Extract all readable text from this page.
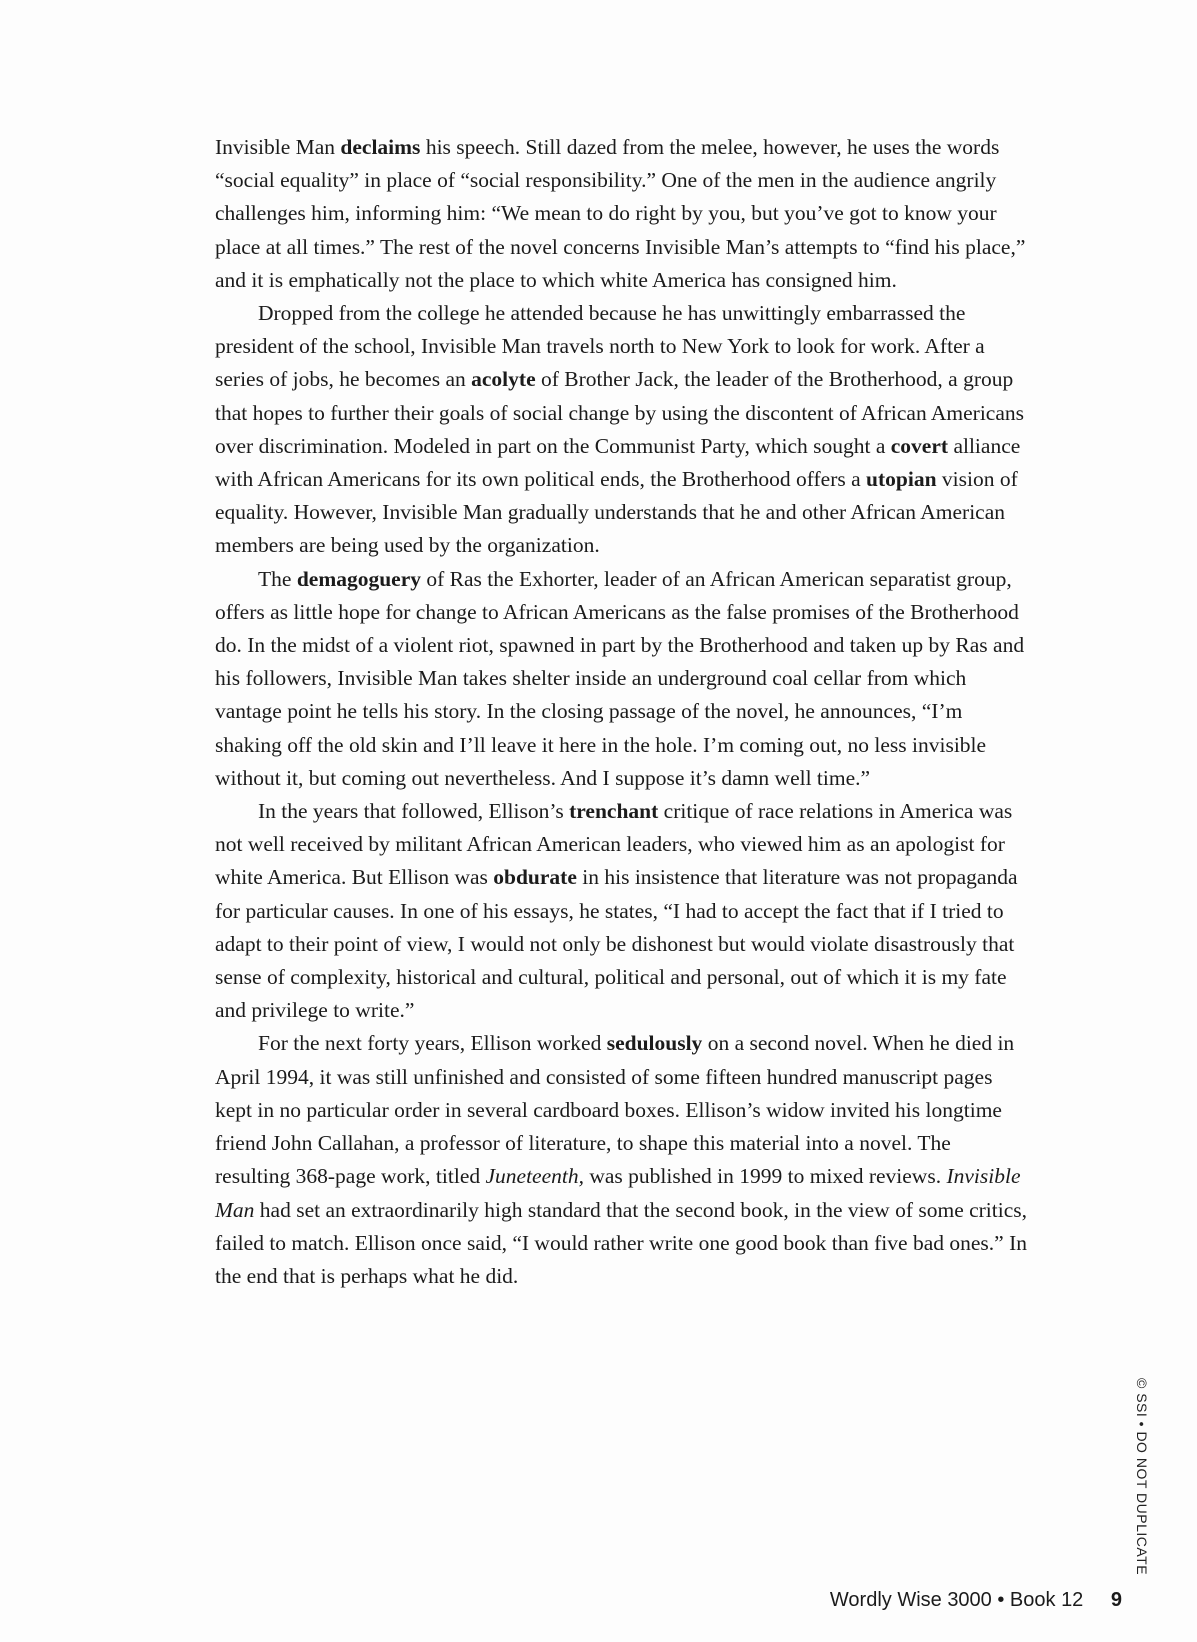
Invisible Man declaims his speech. Still dazed from the melee, however, he uses the words “social equality” in place of “social responsibility.” One of the men in the audience angrily challenges him, informing him: “We mean to do right by you, but you’ve got to know your place at all times.” The rest of the novel concerns Invisible Man’s attempts to “find his place,” and it is emphatically not the place to which white America has consigned him.

Dropped from the college he attended because he has unwittingly embarrassed the president of the school, Invisible Man travels north to New York to look for work. After a series of jobs, he becomes an acolyte of Brother Jack, the leader of the Brotherhood, a group that hopes to further their goals of social change by using the discontent of African Americans over discrimination. Modeled in part on the Communist Party, which sought a covert alliance with African Americans for its own political ends, the Brotherhood offers a utopian vision of equality. However, Invisible Man gradually understands that he and other African American members are being used by the organization.

The demagoguery of Ras the Exhorter, leader of an African American separatist group, offers as little hope for change to African Americans as the false promises of the Brotherhood do. In the midst of a violent riot, spawned in part by the Brotherhood and taken up by Ras and his followers, Invisible Man takes shelter inside an underground coal cellar from which vantage point he tells his story. In the closing passage of the novel, he announces, “I’m shaking off the old skin and I’ll leave it here in the hole. I’m coming out, no less invisible without it, but coming out nevertheless. And I suppose it’s damn well time.”

In the years that followed, Ellison’s trenchant critique of race relations in America was not well received by militant African American leaders, who viewed him as an apologist for white America. But Ellison was obdurate in his insistence that literature was not propaganda for particular causes. In one of his essays, he states, “I had to accept the fact that if I tried to adapt to their point of view, I would not only be dishonest but would violate disastrously that sense of complexity, historical and cultural, political and personal, out of which it is my fate and privilege to write.”

For the next forty years, Ellison worked sedulously on a second novel. When he died in April 1994, it was still unfinished and consisted of some fifteen hundred manuscript pages kept in no particular order in several cardboard boxes. Ellison’s widow invited his longtime friend John Callahan, a professor of literature, to shape this material into a novel. The resulting 368-page work, titled Juneteenth, was published in 1999 to mixed reviews. Invisible Man had set an extraordinarily high standard that the second book, in the view of some critics, failed to match. Ellison once said, “I would rather write one good book than five bad ones.” In the end that is perhaps what he did.

© SSI • DO NOT DUPLICATE
Wordly Wise 3000 • Book 12 9
